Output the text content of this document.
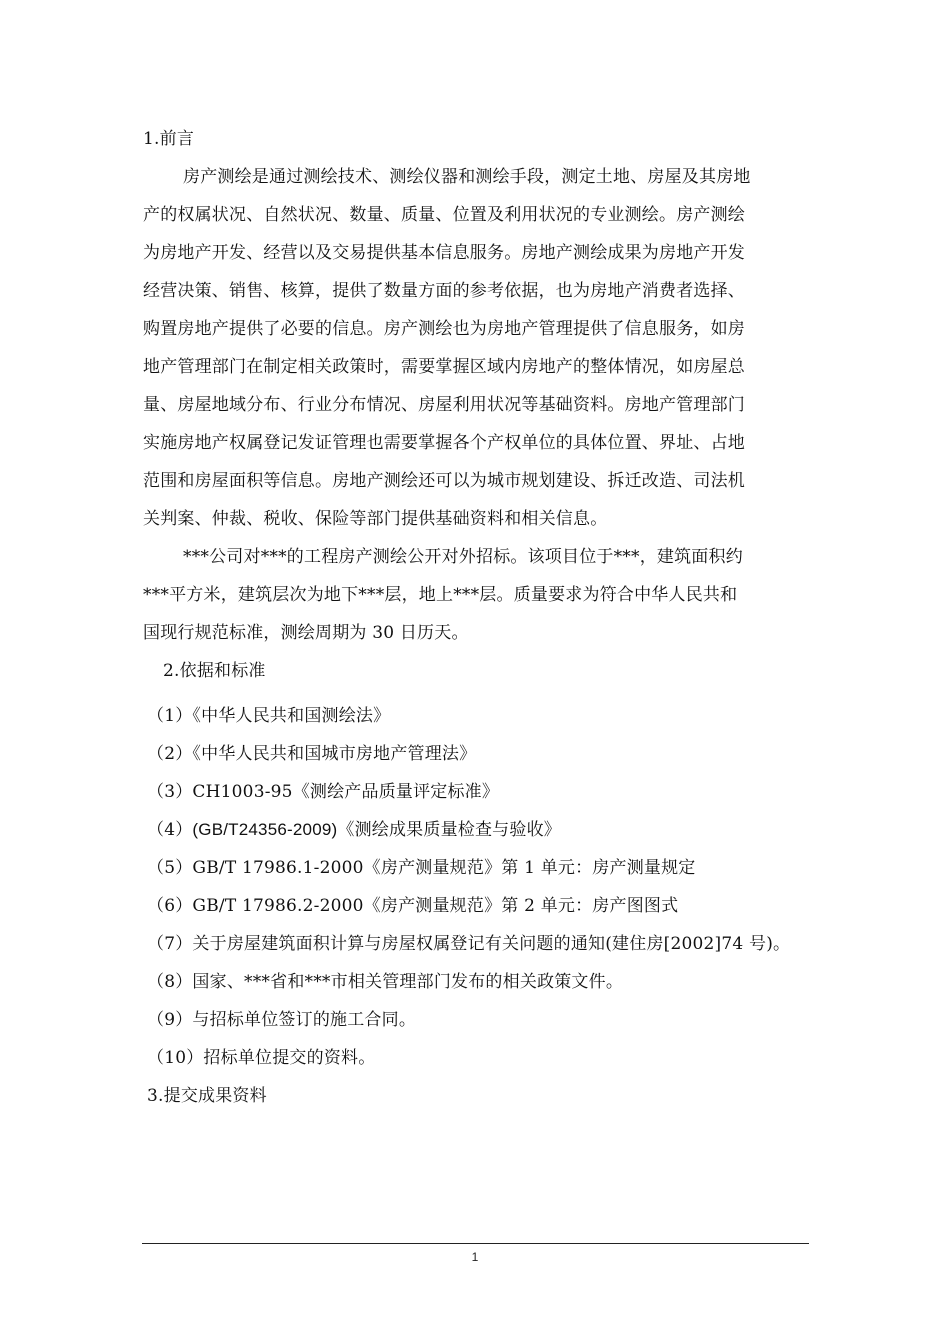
1.前言
房产测绘是通过测绘技术、测绘仪器和测绘手段，测定土地、房屋及其房地
产的权属状况、自然状况、数量、质量、位置及利用状况的专业测绘。房产测绘
为房地产开发、经营以及交易提供基本信息服务。房地产测绘成果为房地产开发
经营决策、销售、核算，提供了数量方面的参考依据，也为房地产消费者选择、
购置房地产提供了必要的信息。房产测绘也为房地产管理提供了信息服务，如房
地产管理部门在制定相关政策时，需要掌握区域内房地产的整体情况，如房屋总
量、房屋地域分布、行业分布情况、房屋利用状况等基础资料。房地产管理部门
实施房地产权属登记发证管理也需要掌握各个产权单位的具体位置、界址、占地
范围和房屋面积等信息。房地产测绘还可以为城市规划建设、拆迁改造、司法机
关判案、仲裁、税收、保险等部门提供基础资料和相关信息。
***公司对***的工程房产测绘公开对外招标。该项目位于***，建筑面积约
***平方米，建筑层次为地下***层，地上***层。质量要求为符合中华人民共和
国现行规范标准，测绘周期为 30 日历天。
2.依据和标准
（1）《中华人民共和国测绘法》
（2）《中华人民共和国城市房地产管理法》
（3）CH1003-95《测绘产品质量评定标准》
（4）(GB/T24356-2009)《测绘成果质量检查与验收》
（5）GB/T 17986.1-2000《房产测量规范》第 1 单元：房产测量规定
（6）GB/T 17986.2-2000《房产测量规范》第 2 单元：房产图图式
（7）关于房屋建筑面积计算与房屋权属登记有关问题的通知(建住房[2002]74 号)。
（8）国家、***省和***市相关管理部门发布的相关政策文件。
（9）与招标单位签订的施工合同。
（10）招标单位提交的资料。
3.提交成果资料
1
